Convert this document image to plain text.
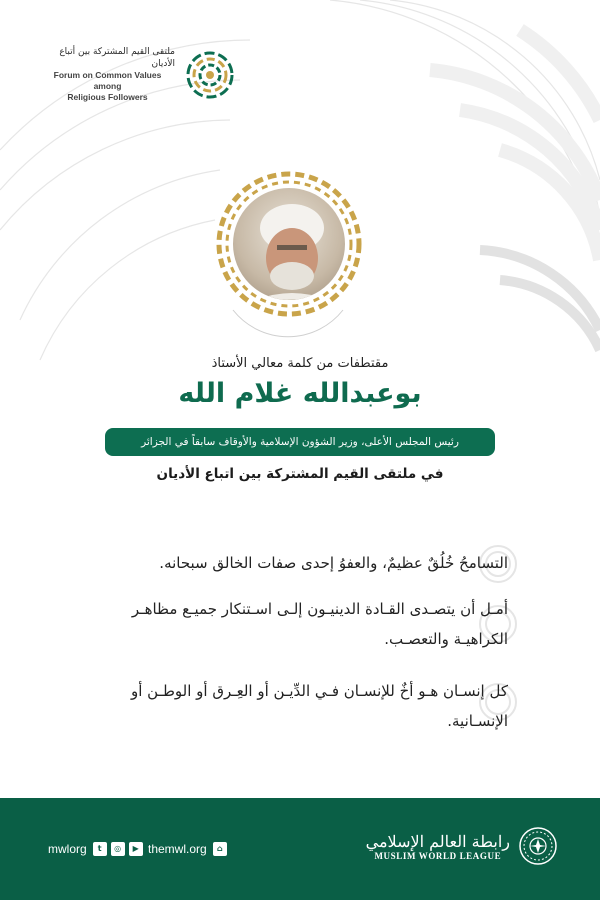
ملتقى القيم المشتركة بين أتباع الأديان
Forum on Common Values among
Religious Followers
مقتطفات من كلمة معالي الأستاذ
بوعبدالله غلام الله
رئيس المجلس الأعلى، وزير الشؤون الإسلامية والأوقاف سابقاً في الجزائر
في ملتقى القيم المشتركة بين اتباع الأديان
التسامحُ خُلُقٌ عظيمٌ، والعفوُ إحدى صفات الخالق سبحانه.
أمـل أن يتصـدى القـادة الدينيـون إلـى اسـتنكار جميـع مظاهـر الكراهيـة والتعصـب.
كل إنسـان هـو أخٌ للإنسـان فـي الدِّيـن أو العِـرق أو الوطـن أو الإنسـانية.
mwlorg	t	◎	▶ themwl.org	⌂	رابطة العالم الإسلامي
MUSLIM WORLD LEAGUE
